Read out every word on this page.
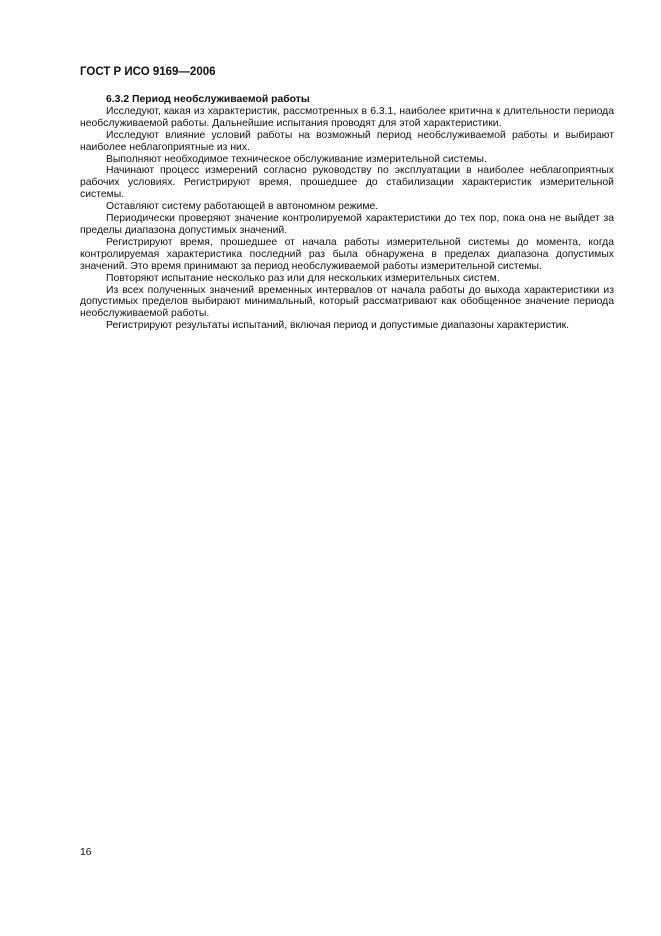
ГОСТ Р ИСО 9169—2006

6.3.2 Период необслуживаемой работы

Исследуют, какая из характеристик, рассмотренных в 6.3.1, наиболее критична к длительности периода необслуживаемой работы. Дальнейшие испытания проводят для этой характеристики.

Исследуют влияние условий работы на возможный период необслуживаемой работы и выбирают наиболее неблагоприятные из них.

Выполняют необходимое техническое обслуживание измерительной системы.

Начинают процесс измерений согласно руководству по эксплуатации в наиболее неблагоприятных рабочих условиях. Регистрируют время, прошедшее до стабилизации характеристик измерительной системы.

Оставляют систему работающей в автономном режиме.

Периодически проверяют значение контролируемой характеристики до тех пор, пока она не выйдет за пределы диапазона допустимых значений.

Регистрируют время, прошедшее от начала работы измерительной системы до момента, когда контролируемая характеристика последний раз была обнаружена в пределах диапазона допустимых значений. Это время принимают за период необслуживаемой работы измерительной системы.

Повторяют испытание несколько раз или для нескольких измерительных систем.

Из всех полученных значений временных интервалов от начала работы до выхода характеристики из допустимых пределов выбирают минимальный, который рассматривают как обобщенное значение периода необслуживаемой работы.

Регистрируют результаты испытаний, включая период и допустимые диапазоны характеристик.

16
